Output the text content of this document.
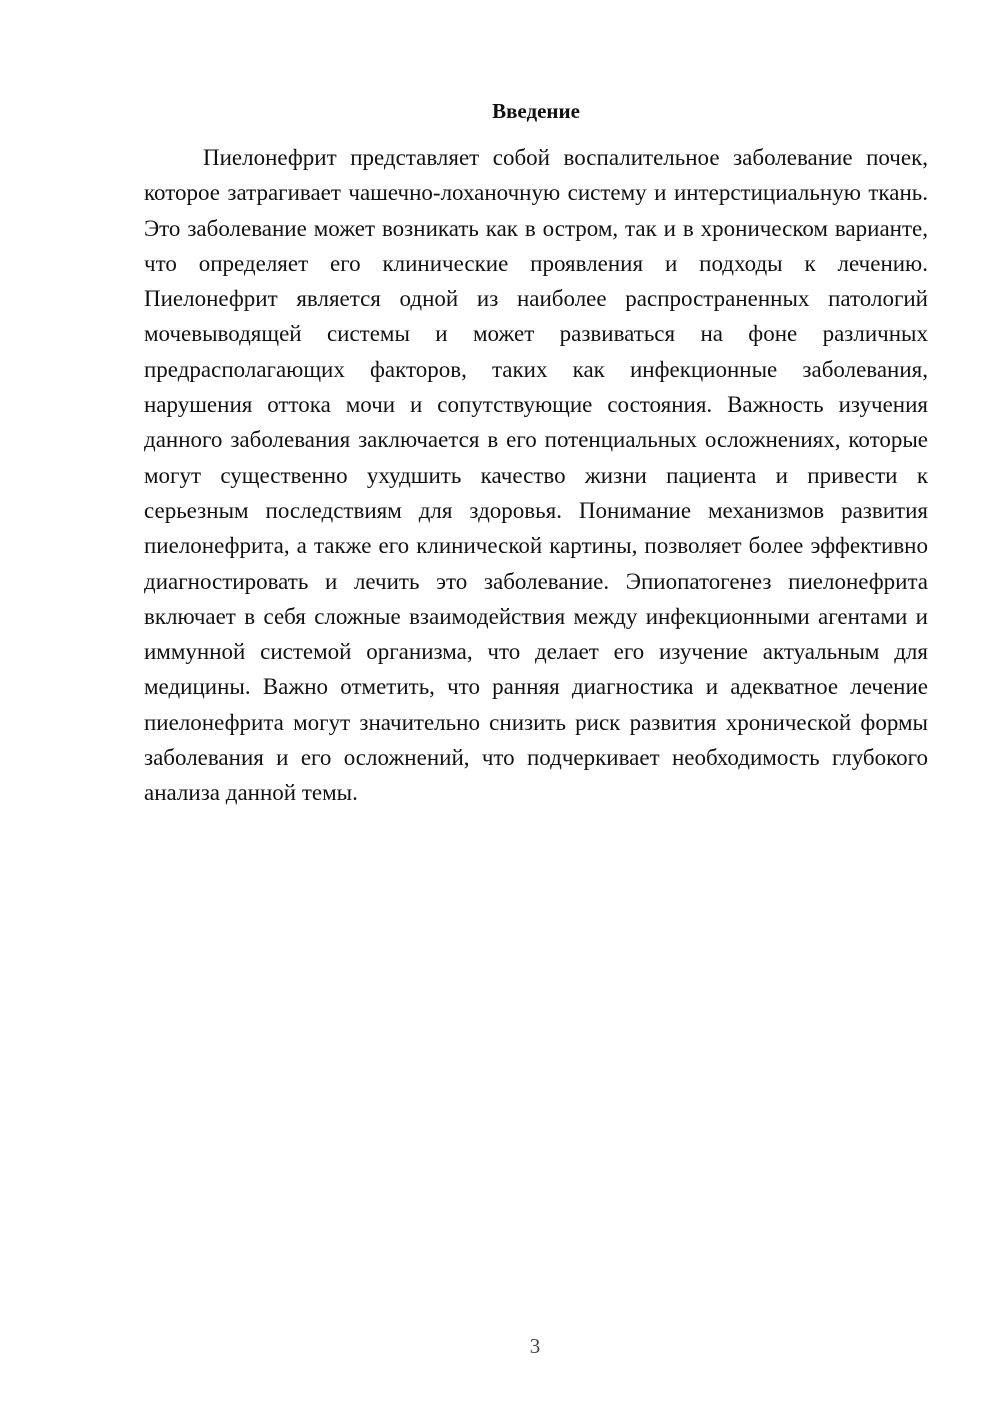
Введение

Пиелонефрит представляет собой воспалительное заболевание почек, которое затрагивает чашечно-лоханочную систему и интерстициальную ткань. Это заболевание может возникать как в остром, так и в хроническом варианте, что определяет его клинические проявления и подходы к лечению. Пиелонефрит является одной из наиболее распространенных патологий мочевыводящей системы и может развиваться на фоне различных предрасполагающих факторов, таких как инфекционные заболевания, нарушения оттока мочи и сопутствующие состояния. Важность изучения данного заболевания заключается в его потенциальных осложнениях, которые могут существенно ухудшить качество жизни пациента и привести к серьезным последствиям для здоровья. Понимание механизмов развития пиелонефрита, а также его клинической картины, позволяет более эффективно диагностировать и лечить это заболевание. Эпиопатогенез пиелонефрита включает в себя сложные взаимодействия между инфекционными агентами и иммунной системой организма, что делает его изучение актуальным для медицины. Важно отметить, что ранняя диагностика и адекватное лечение пиелонефрита могут значительно снизить риск развития хронической формы заболевания и его осложнений, что подчеркивает необходимость глубокого анализа данной темы.

3
